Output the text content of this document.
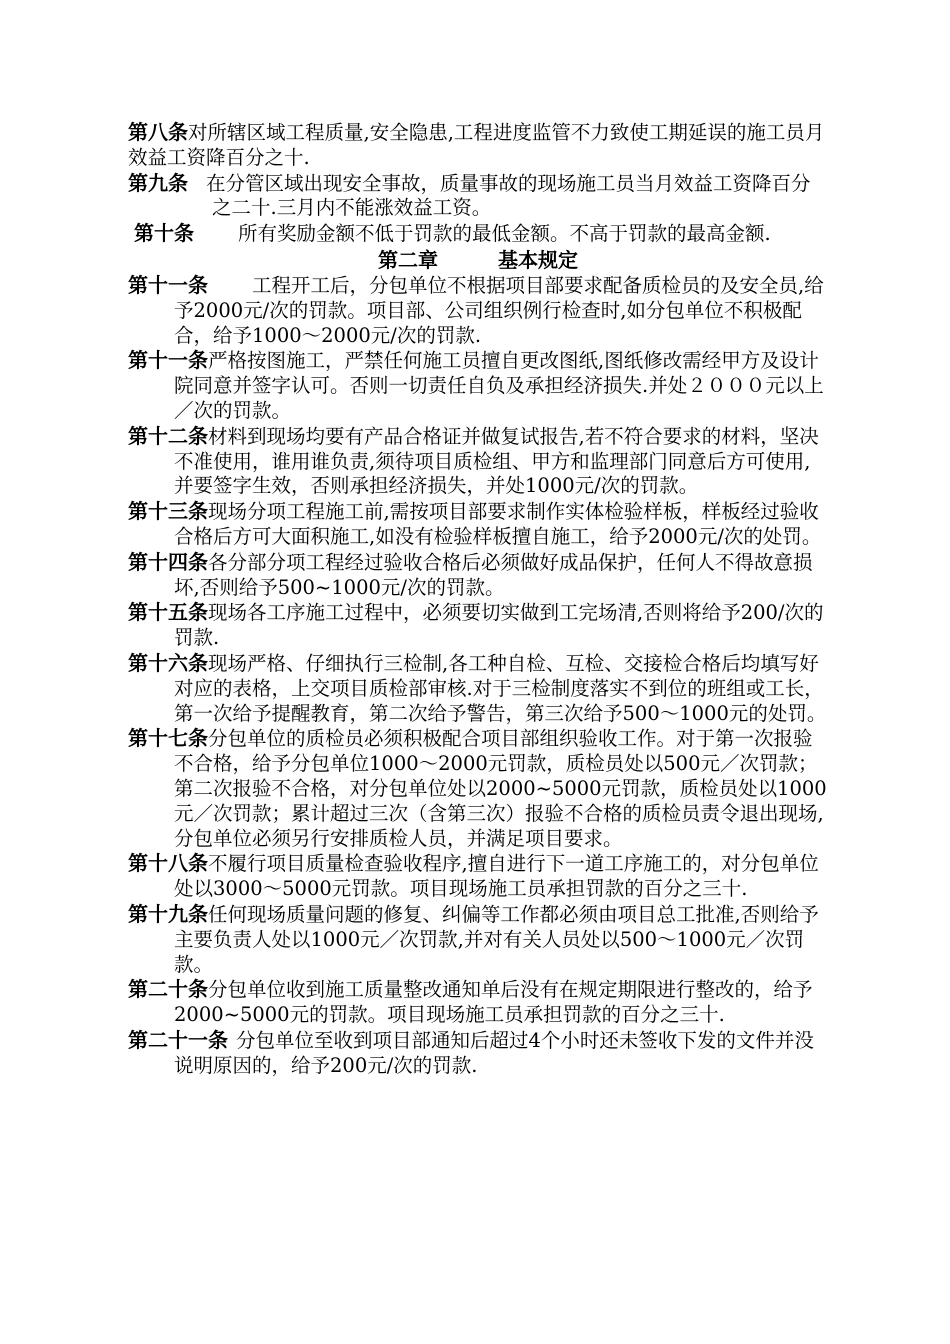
第八条对所辖区域工程质量,安全隐患,工程进度监管不力致使工期延误的施工员月效益工资降百分之十.

第九条 在分管区域出现安全事故，质量事故的现场施工员当月效益工资降百分之二十.三月内不能涨效益工资。

第十条 所有奖励金额不低于罚款的最低金额。不高于罚款的最高金额.

第二章	基本规定

第十一条 工程开工后，分包单位不根据项目部要求配备质检员的及安全员,给予2000元/次的罚款。项目部、公司组织例行检查时,如分包单位不积极配合，给予1000～2000元/次的罚款.

第十一条严格按图施工，严禁任何施工员擅自更改图纸,图纸修改需经甲方及设计院同意并签字认可。否则一切责任自负及承担经济损失.并处２０００元以上／次的罚款。

第十二条材料到现场均要有产品合格证并做复试报告,若不符合要求的材料，坚决不准使用，谁用谁负责,须待项目质检组、甲方和监理部门同意后方可使用,并要签字生效，否则承担经济损失，并处1000元/次的罚款。

第十三条现场分项工程施工前,需按项目部要求制作实体检验样板，样板经过验收合格后方可大面积施工,如没有检验样板擅自施工，给予2000元/次的处罚。

第十四条各分部分项工程经过验收合格后必须做好成品保护，任何人不得故意损坏,否则给予500~1000元/次的罚款。

第十五条现场各工序施工过程中，必须要切实做到工完场清,否则将给予200/次的罚款.

第十六条现场严格、仔细执行三检制,各工种自检、互检、交接检合格后均填写好对应的表格，上交项目质检部审核.对于三检制度落实不到位的班组或工长，第一次给予提醒教育，第二次给予警告，第三次给予500～1000元的处罚。

第十七条分包单位的质检员必须积极配合项目部组织验收工作。对于第一次报验不合格，给予分包单位1000～2000元罚款，质检员处以500元／次罚款；第二次报验不合格，对分包单位处以2000~5000元罚款，质检员处以1000元／次罚款；累计超过三次（含第三次）报验不合格的质检员责令退出现场,分包单位必须另行安排质检人员，并满足项目要求。

第十八条不履行项目质量检查验收程序,擅自进行下一道工序施工的，对分包单位处以3000～5000元罚款。项目现场施工员承担罚款的百分之三十.

第十九条任何现场质量问题的修复、纠偏等工作都必须由项目总工批准,否则给予主要负责人处以1000元／次罚款,并对有关人员处以500～1000元／次罚款。

第二十条分包单位收到施工质量整改通知单后没有在规定期限进行整改的，给予2000~5000元的罚款。项目现场施工员承担罚款的百分之三十.

第二十一条 分包单位至收到项目部通知后超过4个小时还未签收下发的文件并没说明原因的，给予200元/次的罚款.
